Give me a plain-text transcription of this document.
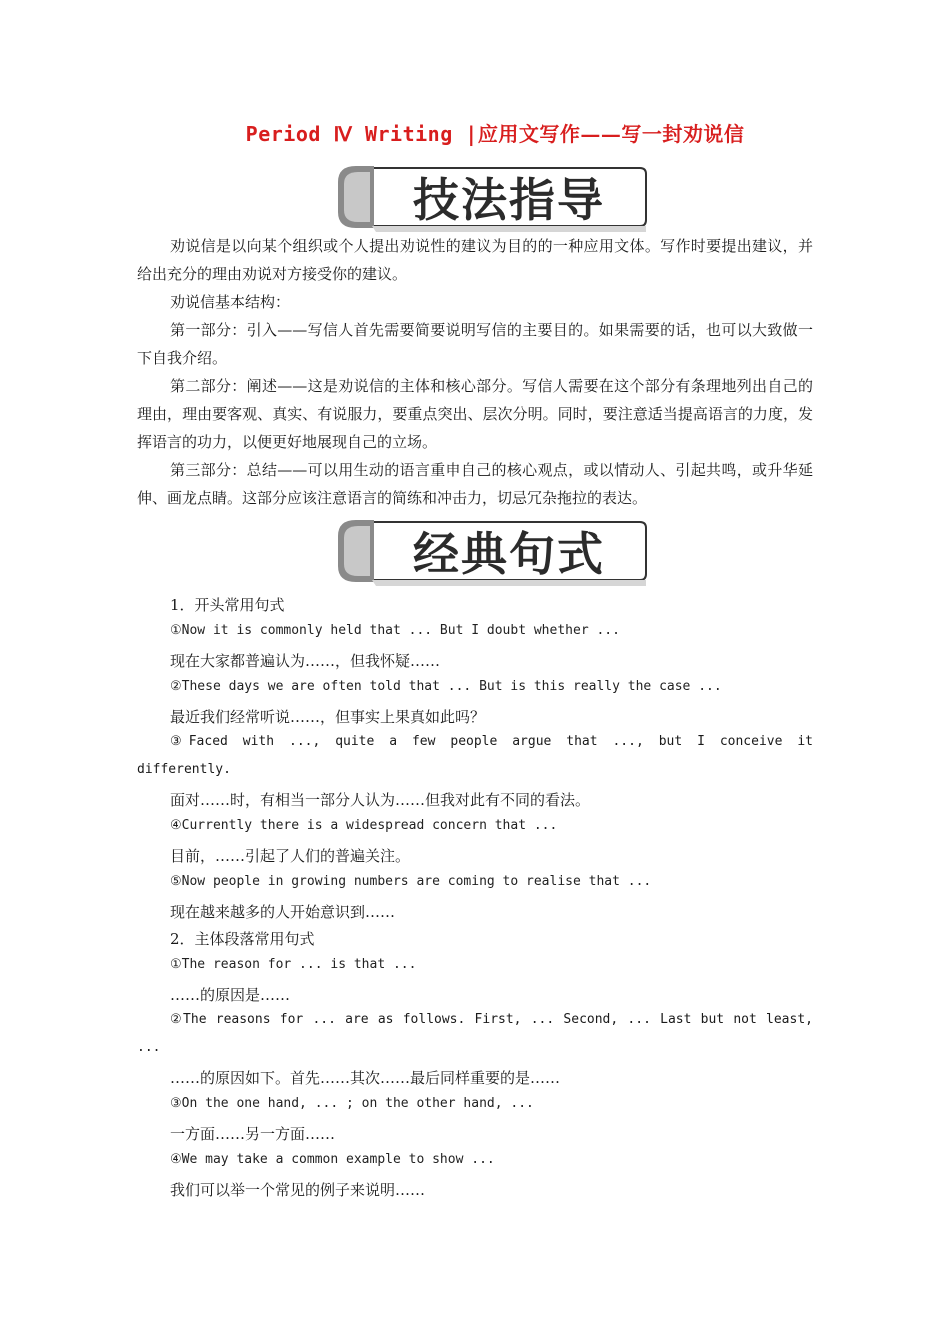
Period Ⅳ Writing |应用文写作——写一封劝说信
技法指导

劝说信是以向某个组织或个人提出劝说性的建议为目的的一种应用文体。写作时要提出建议，并给出充分的理由劝说对方接受你的建议。

劝说信基本结构：

第一部分：引入——写信人首先需要简要说明写信的主要目的。如果需要的话，也可以大致做一下自我介绍。

第二部分：阐述——这是劝说信的主体和核心部分。写信人需要在这个部分有条理地列出自己的理由，理由要客观、真实、有说服力，要重点突出、层次分明。同时，要注意适当提高语言的力度，发挥语言的功力，以便更好地展现自己的立场。

第三部分：总结——可以用生动的语言重申自己的核心观点，或以情动人、引起共鸣，或升华延伸、画龙点睛。这部分应该注意语言的简练和冲击力，切忌冗杂拖拉的表达。

经典句式

1．开头常用句式

①Now it is commonly held that ... But I doubt whether ...

现在大家都普遍认为……，但我怀疑……

②These days we are often told that ... But is this really the case ...

最近我们经常听说……，但事实上果真如此吗？

③Faced with ..., quite a few people argue that ..., but I conceive it differently.

面对……时，有相当一部分人认为……但我对此有不同的看法。

④Currently there is a widespread concern that ...

目前，……引起了人们的普遍关注。

⑤Now people in growing numbers are coming to realise that ...

现在越来越多的人开始意识到……

2．主体段落常用句式

①The reason for ... is that ...

……的原因是……

②The reasons for ... are as follows. First, ... Second, ... Last but not least, ...

……的原因如下。首先……其次……最后同样重要的是……

③On the one hand, ... ; on the other hand, ...

一方面……另一方面……

④We may take a common example to show ...

我们可以举一个常见的例子来说明……
